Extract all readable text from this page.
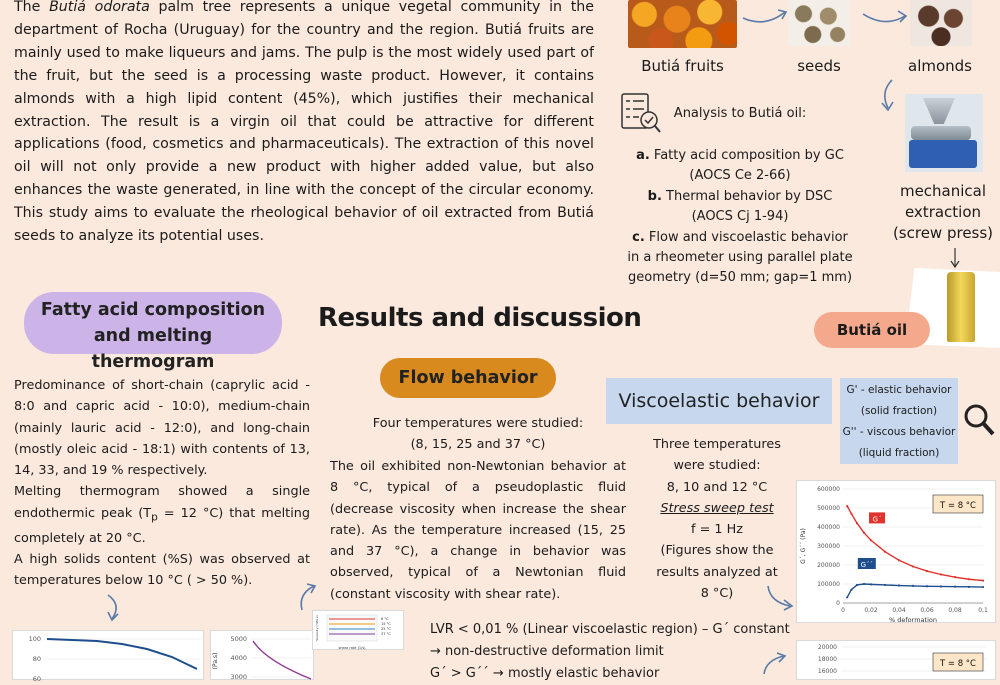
The Butiá odorata palm tree represents a unique vegetal community in the department of Rocha (Uruguay) for the country and the region. Butiá fruits are mainly used to make liqueurs and jams. The pulp is the most widely used part of the fruit, but the seed is a processing waste product. However, it contains almonds with a high lipid content (45%), which justifies their mechanical extraction. The result is a virgin oil that could be attractive for different applications (food, cosmetics and pharmaceuticals). The extraction of this novel oil will not only provide a new product with higher added value, but also enhances the waste generated, in line with the concept of the circular economy. This study aims to evaluate the rheological behavior of oil extracted from Butiá seeds to analyze its potential uses.
Butiá fruits	seeds	almonds
Analysis to Butiá oil:
a. Fatty acid composition by GC
(AOCS Ce 2-66)
b. Thermal behavior by DSC
(AOCS Cj 1-94)
c. Flow and viscoelastic behavior
in a rheometer using parallel plate
geometry (d=50 mm; gap=1 mm)
mechanical
extraction
(screw press)
Butiá oil
Results and discussion
Fatty acid composition and melting thermogram
Predominance of short-chain (caprylic acid - 8:0 and capric acid - 10:0), medium-chain (mainly lauric acid - 12:0), and long-chain (mostly oleic acid - 18:1) with contents of 13, 14, 33, and 19 % respectively.
Melting thermogram showed a single endothermic peak ($T_p = 12$ °C) that melting completely at 20 °C.
A high solids content (%S) was observed at temperatures below 10 °C ( > 50 %).
Flow behavior
Four temperatures were studied:
(8, 15, 25 and 37 °C)
The oil exhibited non-Newtonian behavior at 8 °C, typical of a pseudoplastic fluid (decrease viscosity when increase the shear rate). As the temperature increased (15, 25 and 37 °C), a change in behavior was observed, typical of a Newtonian fluid (constant viscosity with shear rate).
Viscoelastic behavior	G' - elastic behavior
(solid fraction)
G'' - viscous behavior
(liquid fraction)
Three temperatures
were studied:
8, 10 and 12 °C
Stress sweep test
f = 1 Hz
(Figures show the
results analyzed at
8 °C)
LVR < 0,01 % (Linear viscoelastic region) – G´ constant
→ non-destructive deformation limit
G´ > G´´ → mostly elastic behavior
0
100000
200000
300000
400000
500000
600000
0	0,02 0,04 0,06 0,08	0,1
% deformation
G´, G´´ (Pa)
G´
G´´
T = 8 °C
20000
18000
16000
T = 8 °C
100
80
60
5000
4000
3000
(Pa.s)
Viscosity (mPa.s)
shear rate (1/s)
8 °C
15 °C
25 °C
37 °C
